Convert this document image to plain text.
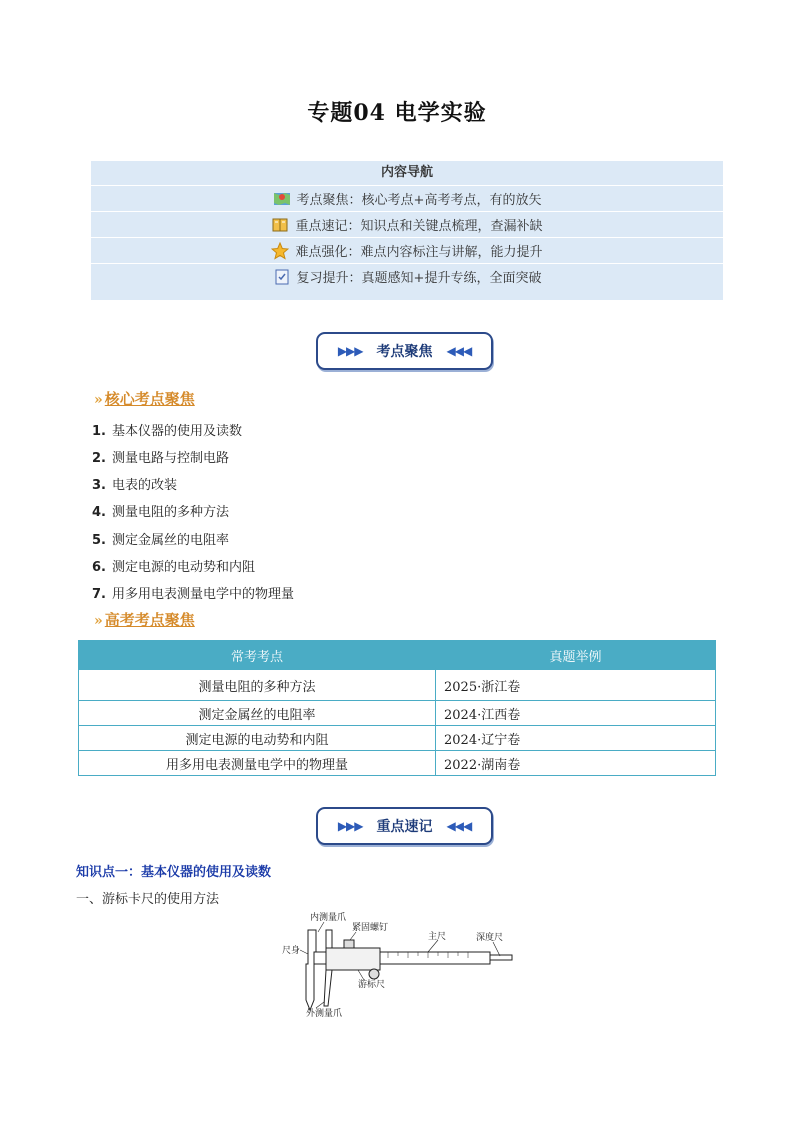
专题04 电学实验
内容导航
考点聚焦：核心考点+高考考点，有的放矢
重点速记：知识点和关键点梳理，查漏补缺
难点强化：难点内容标注与讲解，能力提升
复习提升：真题感知+提升专练，全面突破
▶▶▶ 考点聚焦 ◀◀◀
» 核心考点聚焦
1. 基本仪器的使用及读数
2. 测量电路与控制电路
3. 电表的改装
4. 测量电阻的多种方法
5. 测定金属丝的电阻率
6. 测定电源的电动势和内阻
7. 用多用电表测量电学中的物理量
» 高考考点聚焦
常考考点	真题举例
测量电阻的多种方法	2025·浙江卷
测定金属丝的电阻率	2024·江西卷
测定电源的电动势和内阻	2024·辽宁卷
用多用电表测量电学中的物理量	2022·湖南卷
▶▶▶ 重点速记 ◀◀◀
知识点一：基本仪器的使用及读数
一、游标卡尺的使用方法
内测量爪
紧固螺钉
主尺	深度尺
尺身
游标尺
外测量爪
